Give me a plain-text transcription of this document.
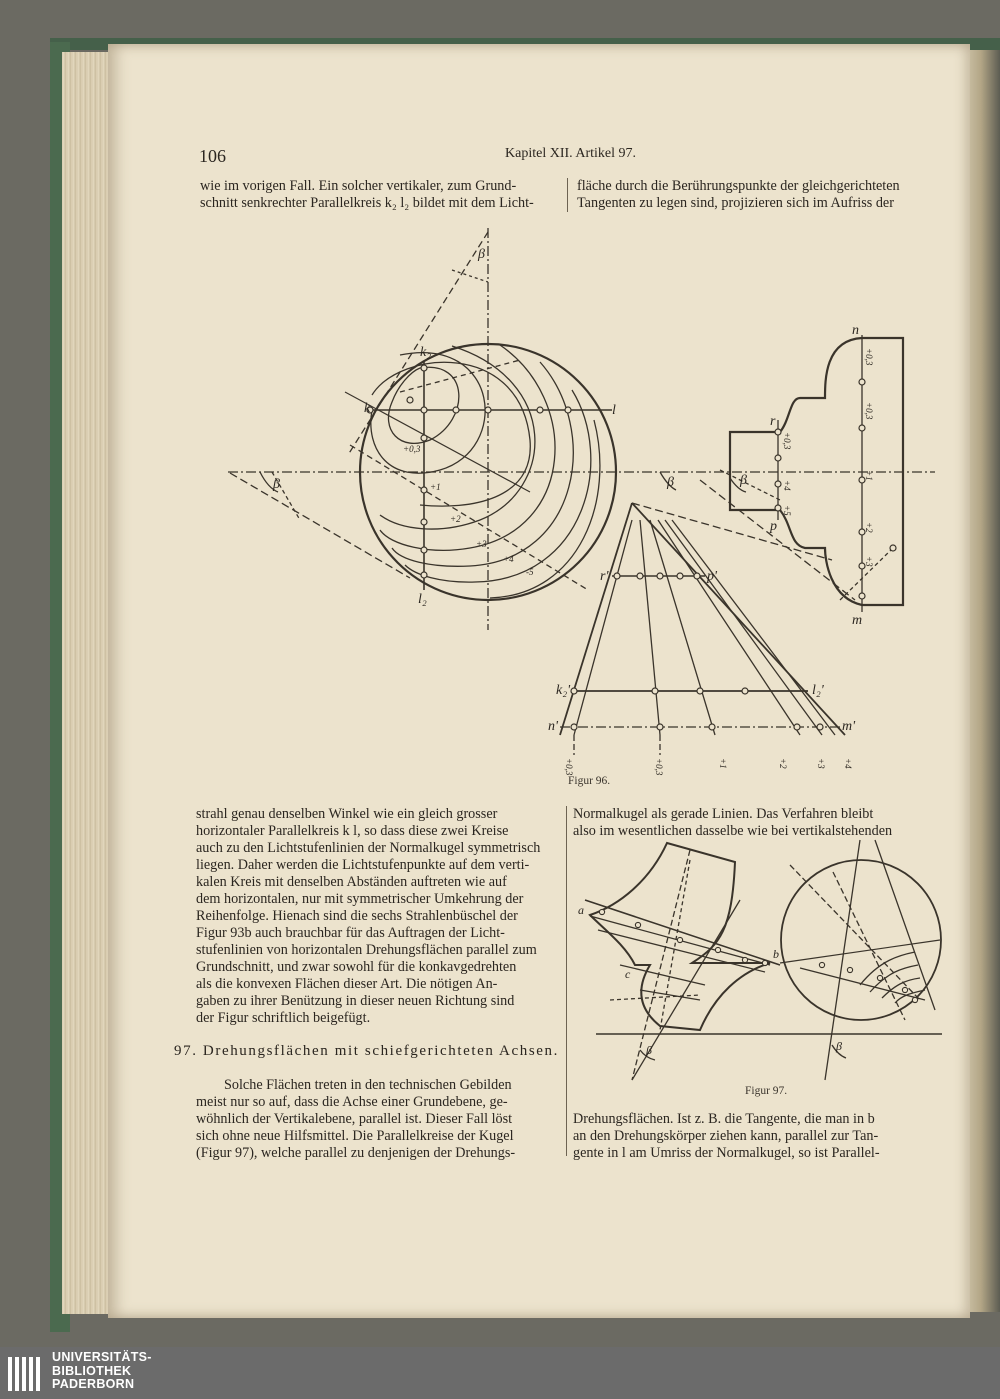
106	Kapitel XII. Artikel 97.
wie im vorigen Fall. Ein solcher vertikaler, zum Grund-
schnitt senkrechter Parallelkreis k₂ l₂ bildet mit dem Licht-
fläche durch die Berührungspunkte der gleichgerichteten
Tangenten zu legen sind, projizieren sich im Aufriss der
β
k₂
l₂
k	l
β	β	β
n
m
r
p
r'	p'
k₂'	l₂'
n'	m'
+0,3
+1
+2
+3
+4
-5
+0,3	+0,3	+1	+2	+3 +4
+0,3
+0,3
+1
+2
+3
+0,3
+4
+5
a
b
c
β	β
Figur 96.
strahl genau denselben Winkel wie ein gleich grosser
horizontaler Parallelkreis k l, so dass diese zwei Kreise
auch zu den Lichtstufenlinien der Normalkugel symmetrisch
liegen. Daher werden die Lichtstufenpunkte auf dem verti-
kalen Kreis mit denselben Abständen auftreten wie auf
dem horizontalen, nur mit symmetrischer Umkehrung der
Reihenfolge. Hienach sind die sechs Strahlenbüschel der
Figur 93b auch brauchbar für das Auftragen der Licht-
stufenlinien von horizontalen Drehungsflächen parallel zum
Grundschnitt, und zwar sowohl für die konkavgedrehten
als die konvexen Flächen dieser Art. Die nötigen An-
gaben zu ihrer Benützung in dieser neuen Richtung sind
der Figur schriftlich beigefügt.
Normalkugel als gerade Linien. Das Verfahren bleibt
also im wesentlichen dasselbe wie bei vertikalstehenden
97. Drehungsflächen mit schiefgerichteten Achsen.
Solche Flächen treten in den technischen Gebilden
meist nur so auf, dass die Achse einer Grundebene, ge-
wöhnlich der Vertikalebene, parallel ist. Dieser Fall löst
sich ohne neue Hilfsmittel. Die Parallelkreise der Kugel
(Figur 97), welche parallel zu denjenigen der Drehungs-
Figur 97.
Drehungsflächen. Ist z. B. die Tangente, die man in b
an den Drehungskörper ziehen kann, parallel zur Tan-
gente in l am Umriss der Normalkugel, so ist Parallel-
UNIVERSITÄTS-
BIBLIOTHEK
PADERBORN
